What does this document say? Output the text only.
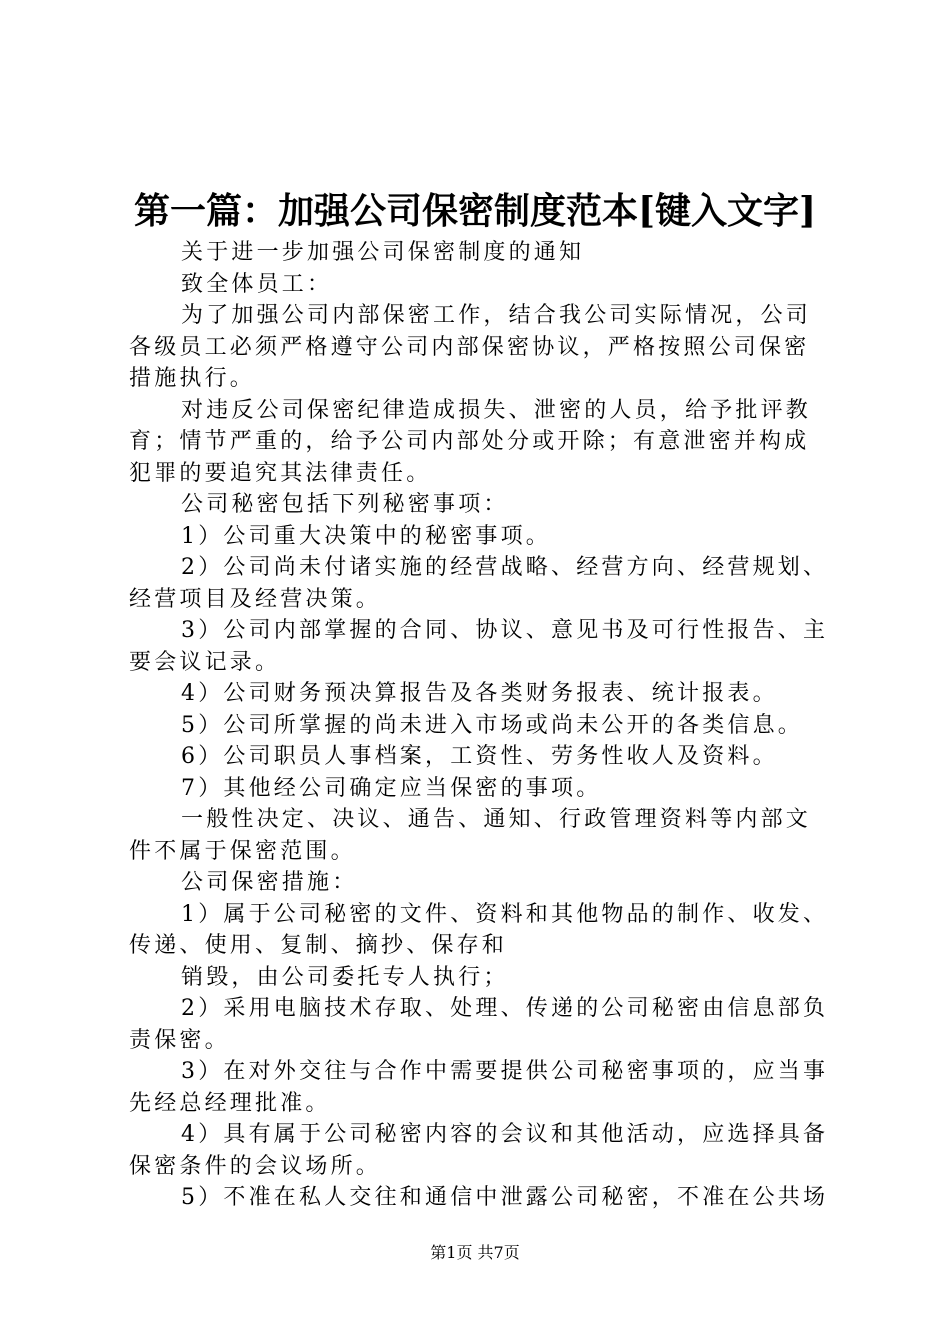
第一篇：加强公司保密制度范本[键入文字]

关于进一步加强公司保密制度的通知

致全体员工：

为了加强公司内部保密工作，结合我公司实际情况，公司各级员工必须严格遵守公司内部保密协议，严格按照公司保密措施执行。

对违反公司保密纪律造成损失、泄密的人员，给予批评教育；情节严重的，给予公司内部处分或开除；有意泄密并构成犯罪的要追究其法律责任。

公司秘密包括下列秘密事项：

1）公司重大决策中的秘密事项。

2）公司尚未付诸实施的经营战略、经营方向、经营规划、经营项目及经营决策。

3）公司内部掌握的合同、协议、意见书及可行性报告、主要会议记录。

4）公司财务预决算报告及各类财务报表、统计报表。

5）公司所掌握的尚未进入市场或尚未公开的各类信息。

6）公司职员人事档案，工资性、劳务性收人及资料。

7）其他经公司确定应当保密的事项。

一般性决定、决议、通告、通知、行政管理资料等内部文件不属于保密范围。

公司保密措施：

1）属于公司秘密的文件、资料和其他物品的制作、收发、传递、使用、复制、摘抄、保存和

销毁，由公司委托专人执行；

2）采用电脑技术存取、处理、传递的公司秘密由信息部负责保密。

3）在对外交往与合作中需要提供公司秘密事项的，应当事先经总经理批准。

4）具有属于公司秘密内容的会议和其他活动，应选择具备保密条件的会议场所。

5）不准在私人交往和通信中泄露公司秘密，不准在公共场

第1页 共7页
